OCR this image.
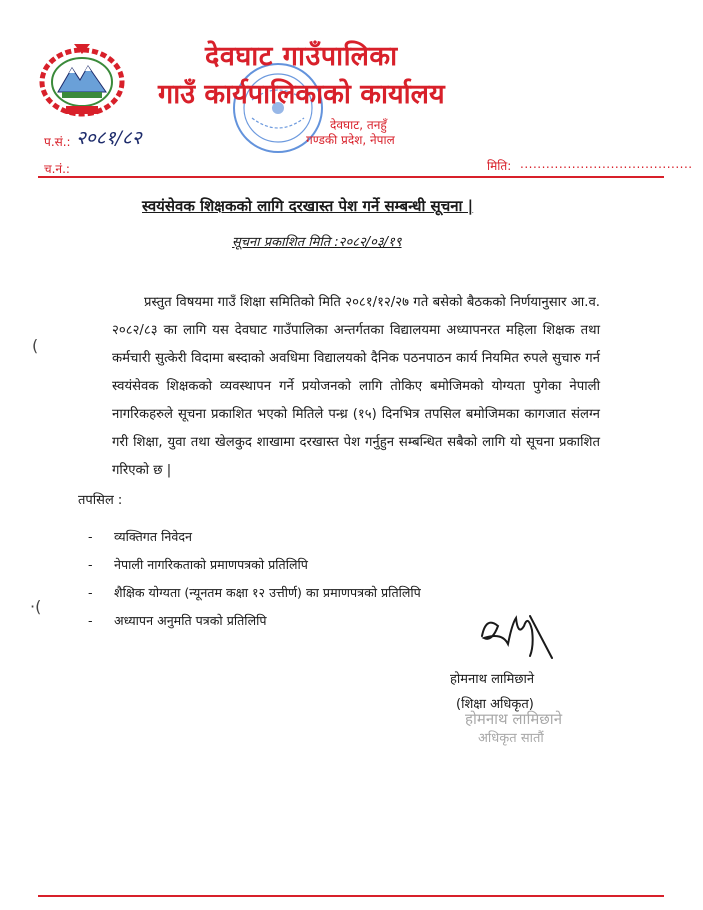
देवघाट गाउँपालिका
गाउँ कार्यपालिकाको कार्यालय
देवघाट, तनहुँ
गण्डकी प्रदेश, नेपाल
प.सं.: २०८१/८२
च.नं.:	मिति: ........................................
स्वयंसेवक शिक्षकको लागि दरखास्त पेश गर्ने सम्बन्धी सूचना |
सूचना प्रकाशित मिति :२०८२/०३/१९
प्रस्तुत विषयमा गाउँ शिक्षा समितिको मिति २०८१/१२/२७ गते बसेको बैठकको निर्णयानुसार आ.व. २०८२/८३ का लागि यस देवघाट गाउँपालिका अन्तर्गतका विद्यालयमा अध्यापनरत महिला शिक्षक तथा कर्मचारी सुत्केरी विदामा बस्दाको अवधिमा विद्यालयको दैनिक पठनपाठन कार्य नियमित रुपले सुचारु गर्न स्वयंसेवक शिक्षकको व्यवस्थापन गर्ने प्रयोजनको लागि तोकिए बमोजिमको योग्यता पुगेका नेपाली नागरिकहरुले सूचना प्रकाशित भएको मितिले पन्ध्र (१५) दिनभित्र तपसिल बमोजिमका कागजात संलग्न गरी शिक्षा, युवा तथा खेलकुद शाखामा दरखास्त पेश गर्नुहुन सम्बन्धित सबैको लागि यो सूचना प्रकाशित गरिएको छ |
तपसिल :
- व्यक्तिगत निवेदन
- नेपाली नागरिकताको प्रमाणपत्रको प्रतिलिपि
- शैक्षिक योग्यता (न्यूनतम कक्षा १२ उत्तीर्ण) का प्रमाणपत्रको प्रतिलिपि
- अध्यापन अनुमति पत्रको प्रतिलिपि
होमनाथ लामिछाने
(शिक्षा अधिकृत)
होमनाथ लामिछाने
अधिकृत सातौं
(
·(
